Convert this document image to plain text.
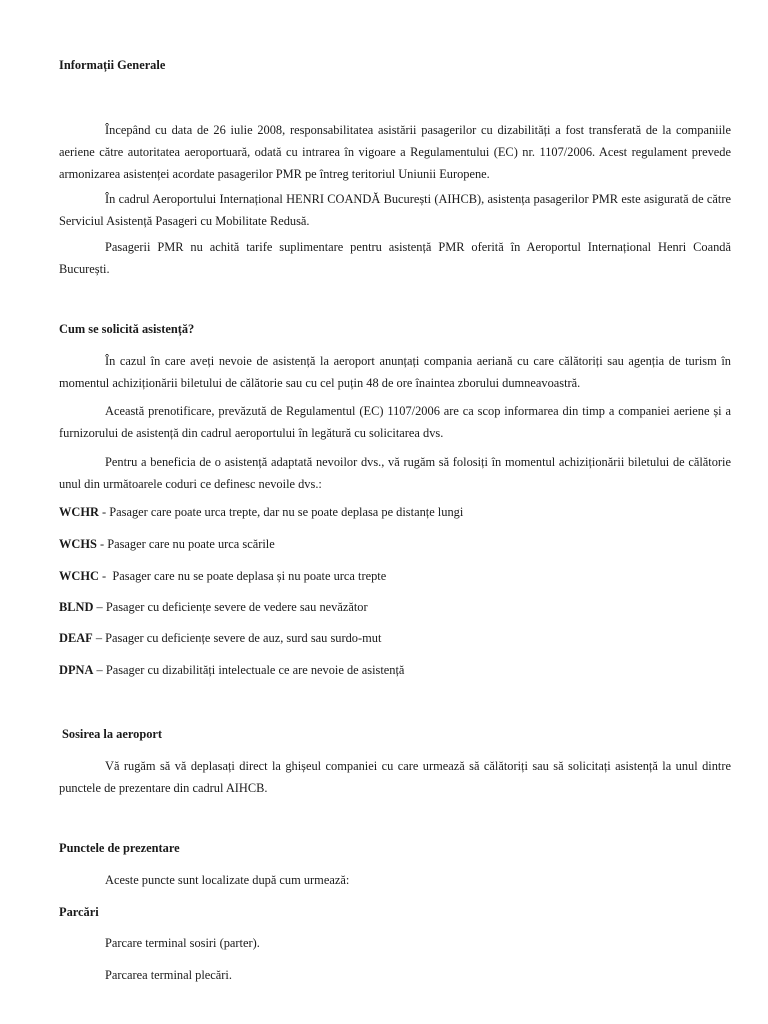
Informații Generale

Începând cu data de 26 iulie 2008, responsabilitatea asistării pasagerilor cu dizabilități a fost transferată de la companiile aeriene către autoritatea aeroportuară, odată cu intrarea în vigoare a Regulamentului (EC) nr. 1107/2006. Acest regulament prevede armonizarea asistenței acordate pasagerilor PMR pe întreg teritoriul Uniunii Europene.

În cadrul Aeroportului Internațional HENRI COANDĂ București (AIHCB), asistența pasagerilor PMR este asigurată de către Serviciul Asistență Pasageri cu Mobilitate Redusă.

Pasagerii PMR nu achită tarife suplimentare pentru asistență PMR oferită în Aeroportul Internațional Henri Coandă București.

Cum se solicită asistență?

În cazul în care aveți nevoie de asistență la aeroport anunțați compania aeriană cu care călătoriți sau agenția de turism în momentul achiziționării biletului de călătorie sau cu cel puțin 48 de ore înaintea zborului dumneavoastră.

Această prenotificare, prevăzută de Regulamentul (EC) 1107/2006 are ca scop informarea din timp a companiei aeriene și a furnizorului de asistență din cadrul aeroportului în legătură cu solicitarea dvs.

Pentru a beneficia de o asistență adaptată nevoilor dvs., vă rugăm să folosiți în momentul achiziționării biletului de călătorie unul din următoarele coduri ce definesc nevoile dvs.:

WCHR - Pasager care poate urca trepte, dar nu se poate deplasa pe distanțe lungi
WCHS - Pasager care nu poate urca scările
WCHC -  Pasager care nu se poate deplasa și nu poate urca trepte
BLND – Pasager cu deficiențe severe de vedere sau nevăzător
DEAF – Pasager cu deficiențe severe de auz, surd sau surdo-mut
DPNA – Pasager cu dizabilități intelectuale ce are nevoie de asistență
Sosirea la aeroport

Vă rugăm să vă deplasați direct la ghișeul companiei cu care urmează să călătoriți sau să solicitați asistență la unul dintre punctele de prezentare din cadrul AIHCB.

Punctele de prezentare
Aceste puncte sunt localizate după cum urmează:
Parcări
Parcare terminal sosiri (parter).
Parcarea terminal plecări.
